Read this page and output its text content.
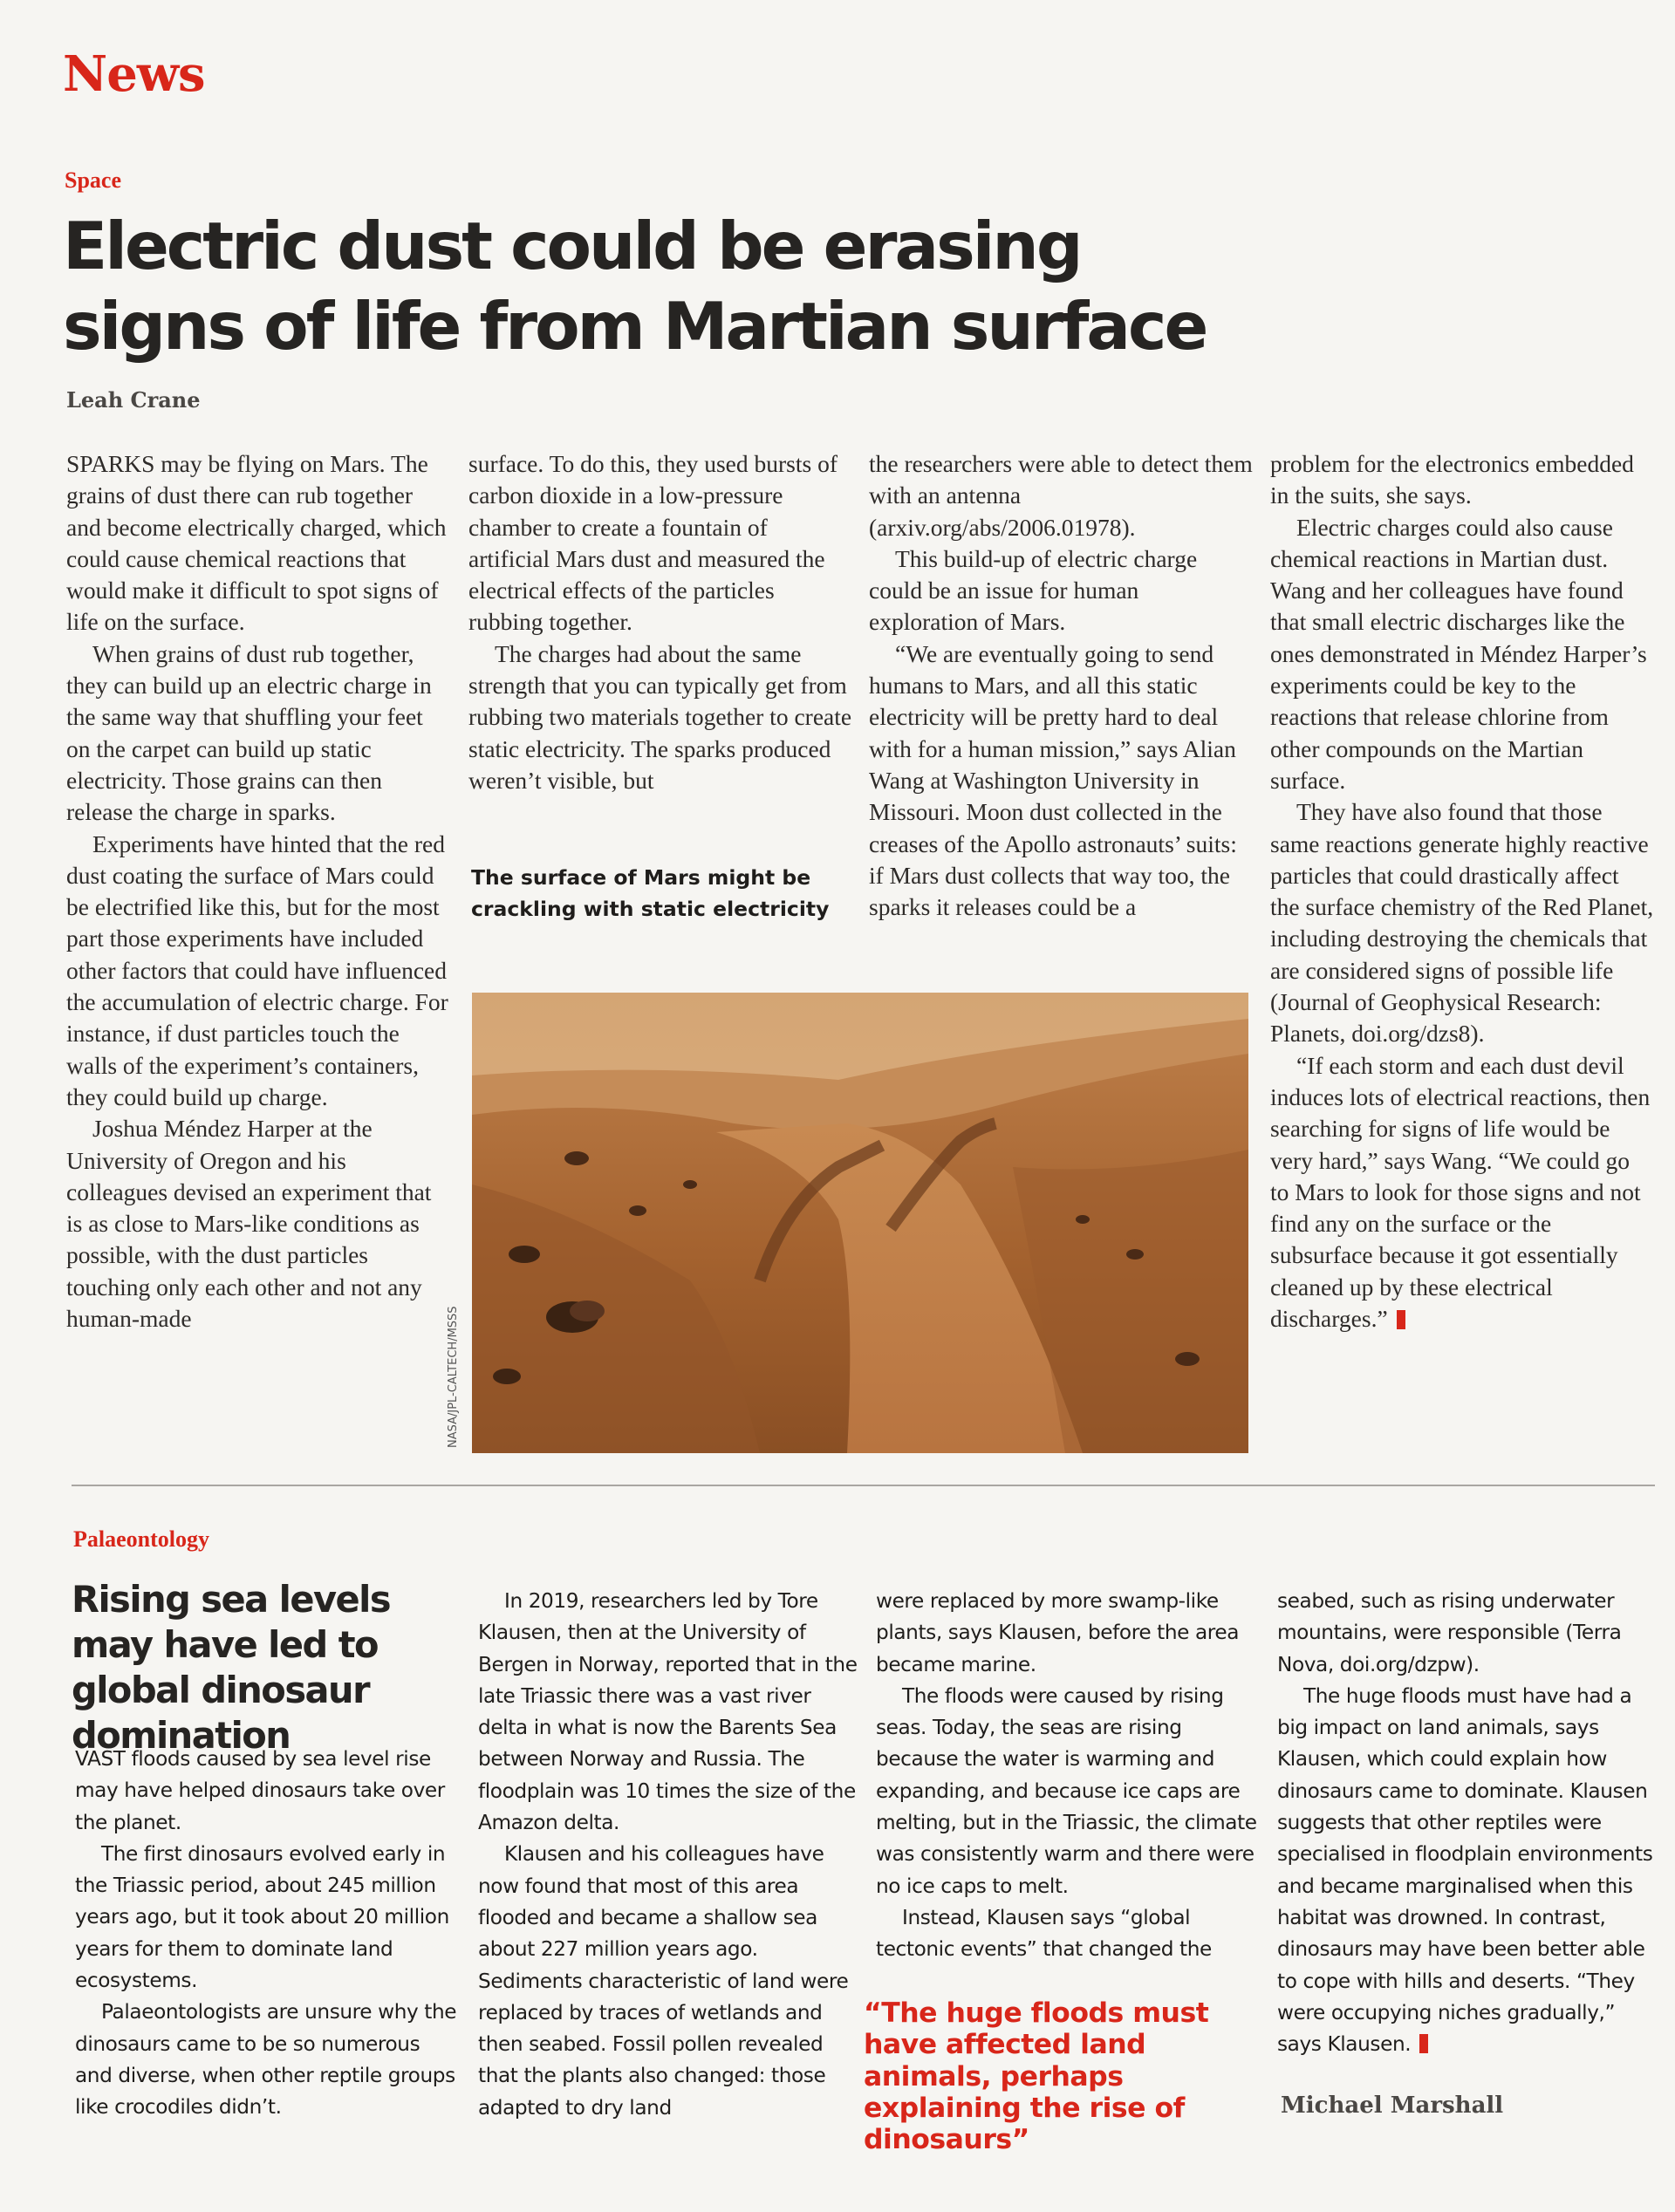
News
Space
Electric dust could be erasing
signs of life from Martian surface
Leah Crane

SPARKS may be flying on Mars. The grains of dust there can rub together and become electrically charged, which could cause chemical reactions that would make it difficult to spot signs of life on the surface.

When grains of dust rub together, they can build up an electric charge in the same way that shuffling your feet on the carpet can build up static electricity. Those grains can then release the charge in sparks.

Experiments have hinted that the red dust coating the surface of Mars could be electrified like this, but for the most part those experiments have included other factors that could have influenced the accumulation of electric charge. For instance, if dust particles touch the walls of the experiment’s containers, they could build up charge.

Joshua Méndez Harper at the University of Oregon and his colleagues devised an experiment that is as close to Mars-like conditions as possible, with the dust particles touching only each other and not any human-made

surface. To do this, they used bursts of carbon dioxide in a low-pressure chamber to create a fountain of artificial Mars dust and measured the electrical effects of the particles rubbing together.

The charges had about the same strength that you can typically get from rubbing two materials together to create static electricity. The sparks produced weren’t visible, but

The surface of Mars might be crackling with static electricity

the researchers were able to detect them with an antenna (arxiv.org/abs/2006.01978).

This build-up of electric charge could be an issue for human exploration of Mars.

“We are eventually going to send humans to Mars, and all this static electricity will be pretty hard to deal with for a human mission,” says Alian Wang at Washington University in Missouri. Moon dust collected in the creases of the Apollo astronauts’ suits: if Mars dust collects that way too, the sparks it releases could be a

problem for the electronics embedded in the suits, she says.

Electric charges could also cause chemical reactions in Martian dust. Wang and her colleagues have found that small electric discharges like the ones demonstrated in Méndez Harper’s experiments could be key to the reactions that release chlorine from other compounds on the Martian surface.

They have also found that those same reactions generate highly reactive particles that could drastically affect the surface chemistry of the Red Planet, including destroying the chemicals that are considered signs of possible life (Journal of Geophysical Research: Planets, doi.org/dzs8).

“If each storm and each dust devil induces lots of electrical reactions, then searching for signs of life would be very hard,” says Wang. “We could go to Mars to look for those signs and not find any on the surface or the subsurface because it got essentially cleaned up by these electrical discharges.”

NASA/JPL-CALTECH/MSSS
Palaeontology
Rising sea levels may have led to global dinosaur domination

VAST floods caused by sea level rise may have helped dinosaurs take over the planet.

The first dinosaurs evolved early in the Triassic period, about 245 million years ago, but it took about 20 million years for them to dominate land ecosystems.

Palaeontologists are unsure why the dinosaurs came to be so numerous and diverse, when other reptile groups like crocodiles didn’t.

In 2019, researchers led by Tore Klausen, then at the University of Bergen in Norway, reported that in the late Triassic there was a vast river delta in what is now the Barents Sea between Norway and Russia. The floodplain was 10 times the size of the Amazon delta.

Klausen and his colleagues have now found that most of this area flooded and became a shallow sea about 227 million years ago. Sediments characteristic of land were replaced by traces of wetlands and then seabed. Fossil pollen revealed that the plants also changed: those adapted to dry land

were replaced by more swamp-like plants, says Klausen, before the area became marine.

The floods were caused by rising seas. Today, the seas are rising because the water is warming and expanding, and because ice caps are melting, but in the Triassic, the climate was consistently warm and there were no ice caps to melt.

Instead, Klausen says “global tectonic events” that changed the

“The huge floods must have affected land animals, perhaps explaining the rise of dinosaurs”

seabed, such as rising underwater mountains, were responsible (Terra Nova, doi.org/dzpw).

The huge floods must have had a big impact on land animals, says Klausen, which could explain how dinosaurs came to dominate. Klausen suggests that other reptiles were specialised in floodplain environments and became marginalised when this habitat was drowned. In contrast, dinosaurs may have been better able to cope with hills and deserts. “They were occupying niches gradually,” says Klausen.

Michael Marshall
